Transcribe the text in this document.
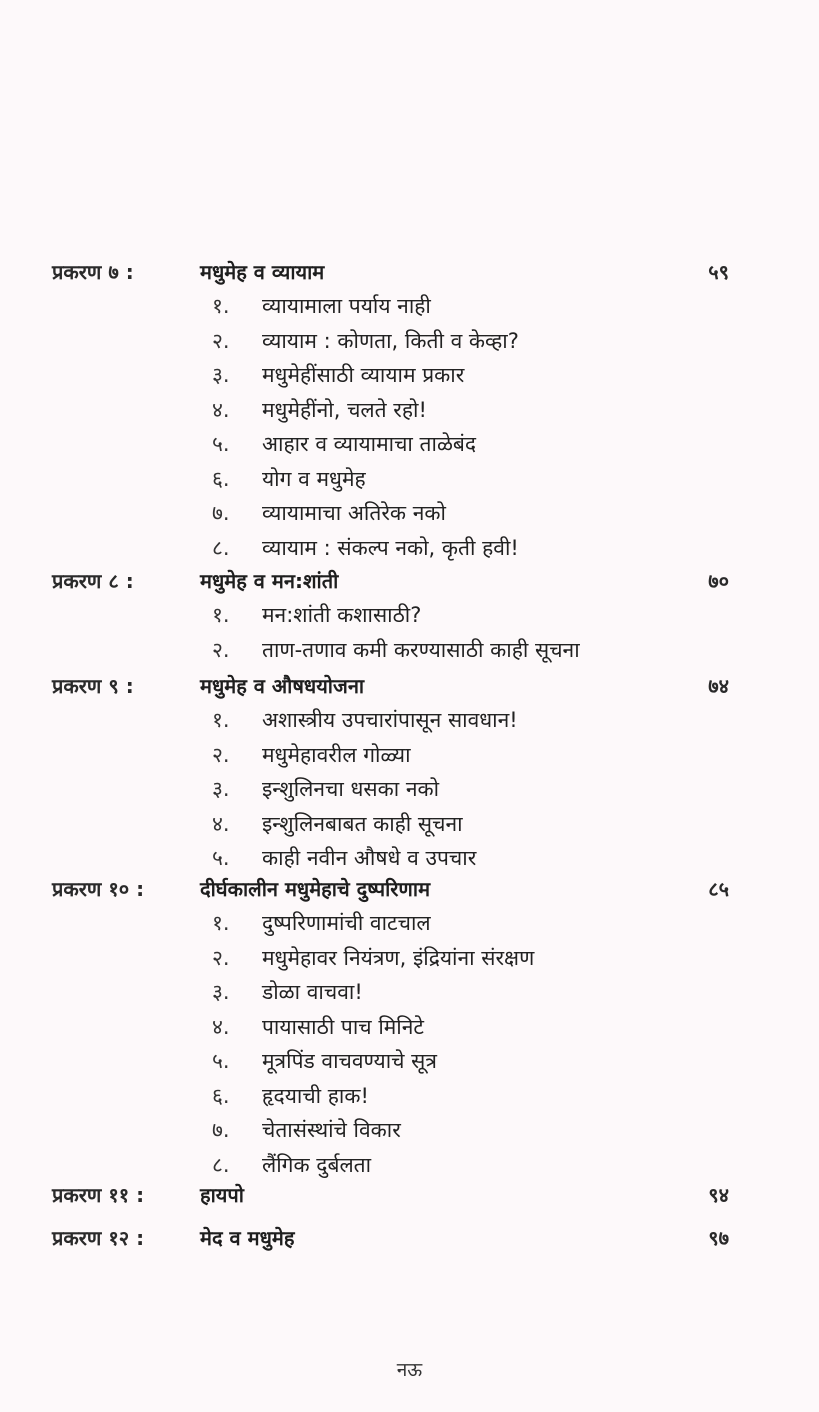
प्रकरण ७ :	मधुमेह व व्यायाम	५९
१. व्यायामाला पर्याय नाही
२. व्यायाम : कोणता, किती व केव्हा?
३. मधुमेहींसाठी व्यायाम प्रकार
४. मधुमेहींनो, चलते रहो!
५. आहार व व्यायामाचा ताळेबंद
६. योग व मधुमेह
७. व्यायामाचा अतिरेक नको
८. व्यायाम : संकल्प नको, कृती हवी!
प्रकरण ८ :	मधुमेह व मन:शांती	७०
१. मन:शांती कशासाठी?
२. ताण-तणाव कमी करण्यासाठी काही सूचना
प्रकरण ९ :	मधुमेह व औषधयोजना	७४
१. अशास्त्रीय उपचारांपासून सावधान!
२. मधुमेहावरील गोळ्या
३. इन्शुलिनचा धसका नको
४. इन्शुलिनबाबत काही सूचना
५. काही नवीन औषधे व उपचार
प्रकरण १० :	दीर्घकालीन मधुमेहाचे दुष्परिणाम	८५
१. दुष्परिणामांची वाटचाल
२. मधुमेहावर नियंत्रण, इंद्रियांना संरक्षण
३. डोळा वाचवा!
४. पायासाठी पाच मिनिटे
५. मूत्रपिंड वाचवण्याचे सूत्र
६. हृदयाची हाक!
७. चेतासंस्थांचे विकार
८. लैंगिक दुर्बलता
प्रकरण ११ :	हायपो	९४
प्रकरण १२ :	मेद व मधुमेह	९७
नऊ
